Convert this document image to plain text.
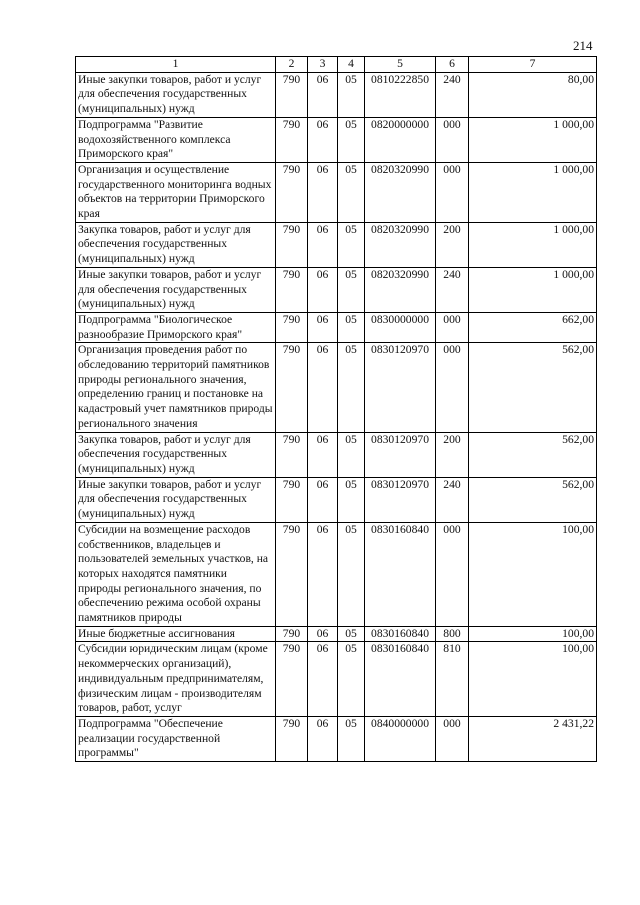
214
1	2	3	4	5	6	7
Иные закупки товаров, работ и услуг для обеспечения государственных (муниципальных) нужд	790	06	05	0810222850	240	80,00
Подпрограмма "Развитие водохозяйственного комплекса Приморского края"	790	06	05	0820000000	000	1 000,00
Организация и осуществление государственного мониторинга водных объектов на территории Приморского края	790	06	05	0820320990	000	1 000,00
Закупка товаров, работ и услуг для обеспечения государственных (муниципальных) нужд	790	06	05	0820320990	200	1 000,00
Иные закупки товаров, работ и услуг для обеспечения государственных (муниципальных) нужд	790	06	05	0820320990	240	1 000,00
Подпрограмма "Биологическое разнообразие Приморского края"	790	06	05	0830000000	000	662,00
Организация проведения работ по обследованию территорий памятников природы регионального значения, определению границ и постановке на кадастровый учет памятников природы регионального значения	790	06	05	0830120970	000	562,00
Закупка товаров, работ и услуг для обеспечения государственных (муниципальных) нужд	790	06	05	0830120970	200	562,00
Иные закупки товаров, работ и услуг для обеспечения государственных (муниципальных) нужд	790	06	05	0830120970	240	562,00
Субсидии на возмещение расходов собственников, владельцев и пользователей земельных участков, на которых находятся памятники природы регионального значения, по обеспечению режима особой охраны памятников природы	790	06	05	0830160840	000	100,00
Иные бюджетные ассигнования	790	06	05	0830160840	800	100,00
Субсидии юридическим лицам (кроме некоммерческих организаций), индивидуальным предпринимателям, физическим лицам - производителям товаров, работ, услуг	790	06	05	0830160840	810	100,00
Подпрограмма "Обеспечение реализации государственной программы"	790	06	05	0840000000	000	2 431,22
